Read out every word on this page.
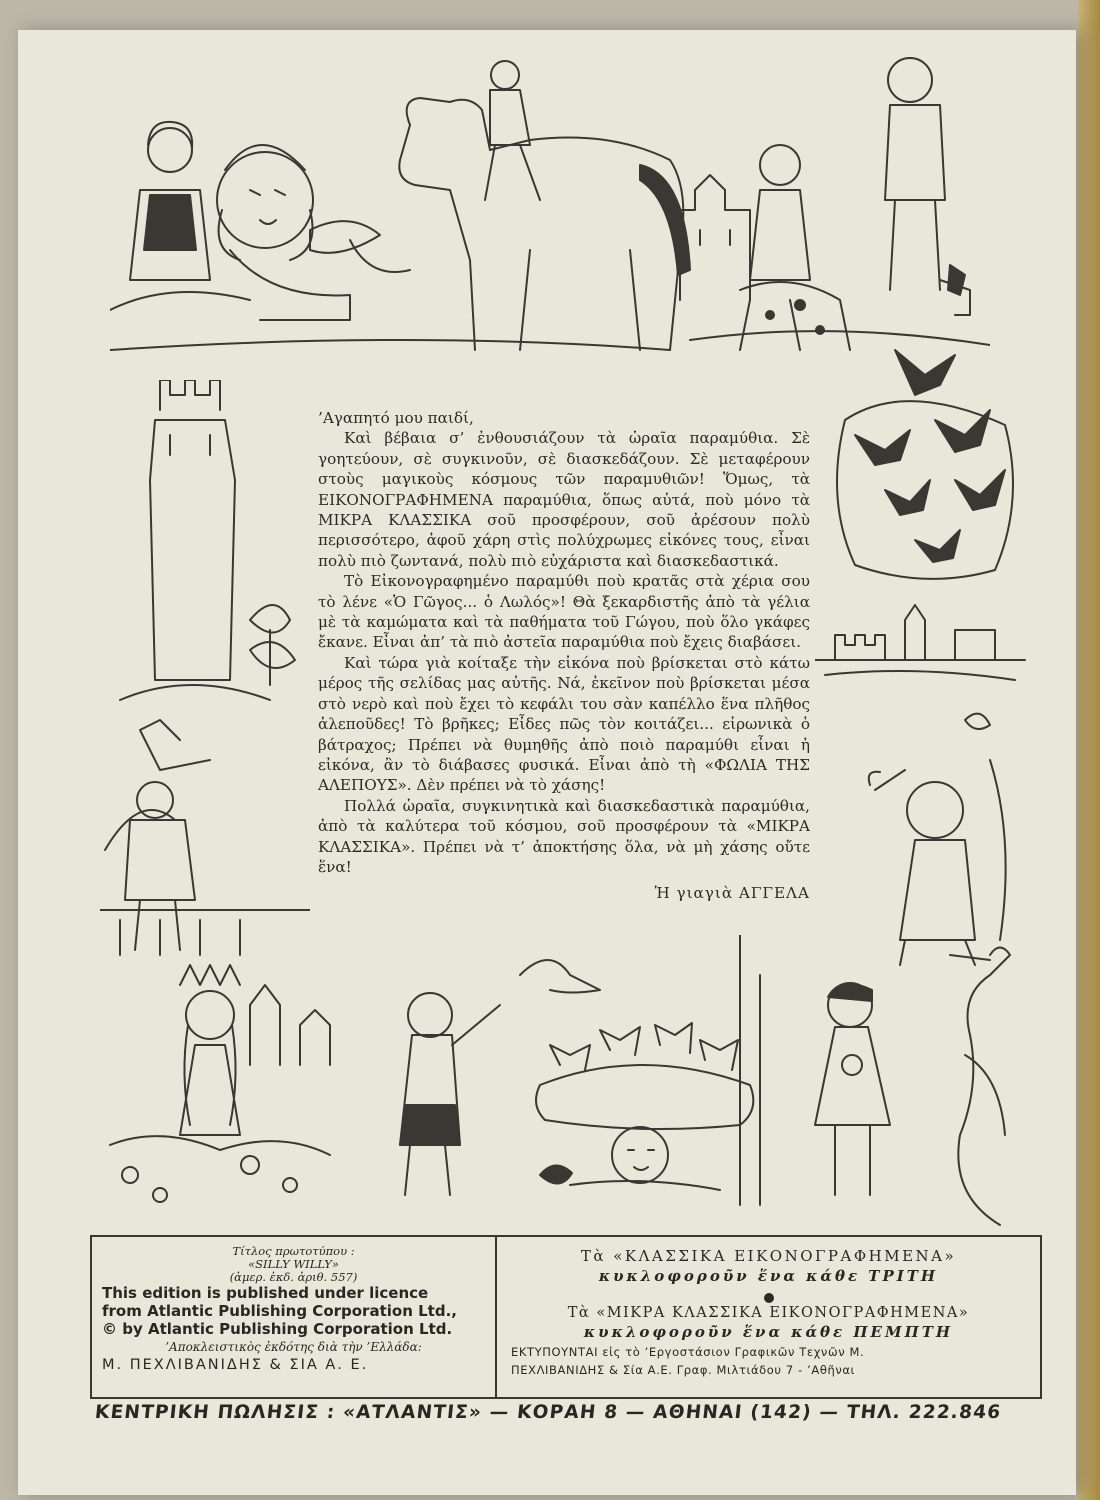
’Αγαπητό μου παιδί,

Καὶ βέβαια σ’ ἐνθουσιάζουν τὰ ὡραῖα παραμύθια. Σὲ γοητεύουν, σὲ συγκινοῦν, σὲ διασκεδάζουν. Σὲ μεταφέρουν στοὺς μαγικοὺς κόσμους τῶν παραμυθιῶν! Ὅμως, τὰ ΕΙΚΟΝΟΓΡΑΦΗΜΕΝΑ παραμύθια, ὅπως αὐτά, ποὺ μόνο τὰ ΜΙΚΡΑ ΚΛΑΣΣΙΚΑ σοῦ προσφέρουν, σοῦ ἀρέσουν πολὺ περισσότερο, ἀφοῦ χάρη στὶς πολύχρωμες εἰκόνες τους, εἶναι πολὺ πιὸ ζωντανά, πολὺ πιὸ εὐχάριστα καὶ διασκεδαστικά.

Τὸ Εἰκονογραφημένο παραμύθι ποὺ κρατᾶς στὰ χέρια σου τὸ λένε «Ὁ Γῶγος... ὁ Λωλός»! Θὰ ξεκαρδιστῆς ἀπὸ τὰ γέλια μὲ τὰ καμώματα καὶ τὰ παθήματα τοῦ Γώγου, ποὺ ὅλο γκάφες ἔκανε. Εἶναι ἀπ’ τὰ πιὸ ἀστεῖα παραμύθια ποὺ ἔχεις διαβάσει.

Καὶ τώρα γιὰ κοίταξε τὴν εἰκόνα ποὺ βρίσκεται στὸ κάτω μέρος τῆς σελίδας μας αὐτῆς. Νά, ἐκεῖνον ποὺ βρίσκεται μέσα στὸ νερὸ καὶ ποὺ ἔχει τὸ κεφάλι του σὰν καπέλλο ἕνα πλῆθος ἀλεποῦδες! Τὸ βρῆκες; Εἶδες πῶς τὸν κοιτάζει... εἰρωνικὰ ὁ βάτραχος; Πρέπει νὰ θυμηθῆς ἀπὸ ποιὸ παραμύθι εἶναι ἡ εἰκόνα, ἂν τὸ διάβασες φυσικά. Εἶναι ἀπὸ τὴ «ΦΩΛΙΑ ΤΗΣ ΑΛΕΠΟΥΣ». Δὲν πρέπει νὰ τὸ χάσης!

Πολλά ὡραῖα, συγκινητικὰ καὶ διασκεδαστικὰ παραμύθια, ἀπὸ τὰ καλύτερα τοῦ κόσμου, σοῦ προσφέρουν τὰ «ΜΙΚΡΑ ΚΛΑΣΣΙΚΑ». Πρέπει νὰ τ’ ἀποκτήσης ὅλα, νὰ μὴ χάσης οὔτε ἕνα!

Ἡ γιαγιὰ ΑΓΓΕΛΑ
Τίτλος πρωτοτύπου :
«SILLY WILLY»
(ἀμερ. ἐκδ. ἀριθ. 557)
This edition is published under licence
from Atlantic Publishing Corporation Ltd.,
© by Atlantic Publishing Corporation Ltd.
’Αποκλειστικὸς ἐκδότης διὰ τὴν ’Ελλάδα:
Μ. ΠΕΧΛΙΒΑΝΙΔΗΣ & ΣΙΑ Α. Ε.
Τὰ «ΚΛΑΣΣΙΚΑ ΕΙΚΟΝΟΓΡΑΦΗΜΕΝΑ»
κυκλοφοροῦν ἕνα κάθε ΤΡΙΤΗ
Τὰ «ΜΙΚΡΑ ΚΛΑΣΣΙΚΑ ΕΙΚΟΝΟΓΡΑΦΗΜΕΝΑ»
κυκλοφοροῦν ἕνα κάθε ΠΕΜΠΤΗ
ΕΚΤΥΠΟΥΝΤΑΙ εἰς τὸ ’Εργοστάσιον Γραφικῶν Τεχνῶν Μ.
ΠΕΧΛΙΒΑΝΙΔΗΣ & Σία Α.Ε. Γραφ. Μιλτιάδου 7 - ’Αθῆναι
ΚΕΝΤΡΙΚΗ ΠΩΛΗΣΙΣ : «ΑΤΛΑΝΤΙΣ» — ΚΟΡΑΗ 8 — ΑΘΗΝΑΙ (142) — ΤΗΛ. 222.846
